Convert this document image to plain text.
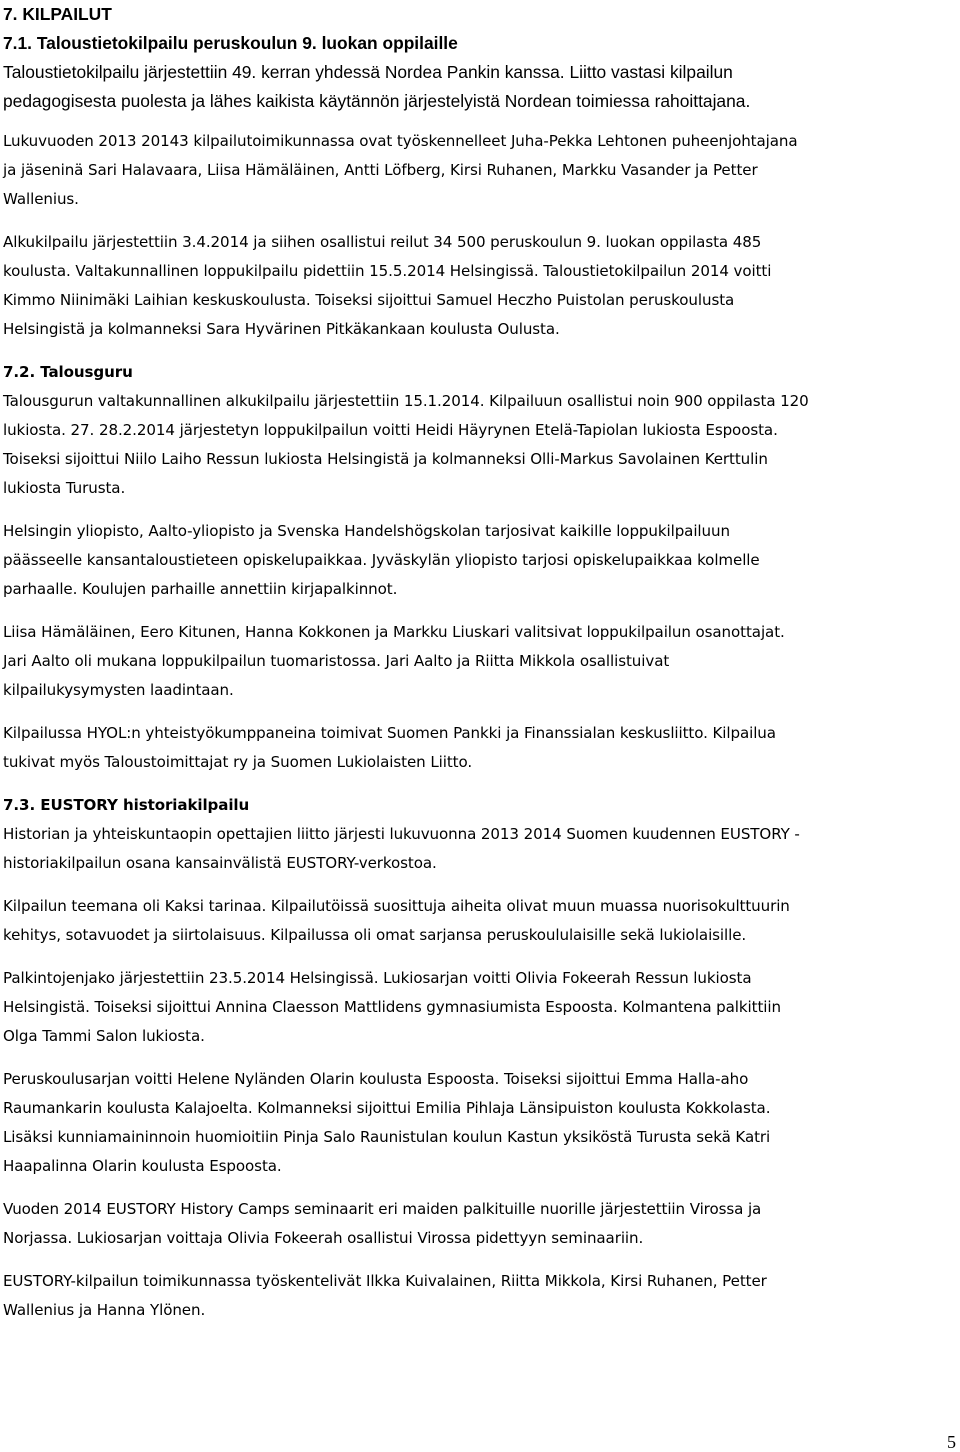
7. KILPAILUT

7.1. Taloustietokilpailu peruskoulun 9. luokan oppilaille

Taloustietokilpailu järjestettiin 49. kerran yhdessä Nordea Pankin kanssa. Liitto vastasi kilpailun

pedagogisesta puolesta ja lähes kaikista käytännön järjestelyistä Nordean toimiessa rahoittajana.

Lukuvuoden 2013 20143 kilpailutoimikunnassa ovat työskennelleet Juha-Pekka Lehtonen puheenjohtajana

ja jäseninä Sari Halavaara, Liisa Hämäläinen, Antti Löfberg, Kirsi Ruhanen, Markku Vasander ja Petter

Wallenius.

Alkukilpailu järjestettiin 3.4.2014 ja siihen osallistui reilut 34 500 peruskoulun 9. luokan oppilasta 485

koulusta. Valtakunnallinen loppukilpailu pidettiin 15.5.2014 Helsingissä. Taloustietokilpailun 2014 voitti

Kimmo Niinimäki Laihian keskuskoulusta. Toiseksi sijoittui Samuel Heczho Puistolan peruskoulusta

Helsingistä ja kolmanneksi Sara Hyvärinen Pitkäkankaan koulusta Oulusta.

7.2. Talousguru

Talousgurun valtakunnallinen alkukilpailu järjestettiin 15.1.2014. Kilpailuun osallistui noin 900 oppilasta 120

lukiosta. 27. 28.2.2014 järjestetyn loppukilpailun voitti Heidi Häyrynen Etelä-Tapiolan lukiosta Espoosta.

Toiseksi sijoittui Niilo Laiho Ressun lukiosta Helsingistä ja kolmanneksi Olli-Markus Savolainen Kerttulin

lukiosta Turusta.

Helsingin yliopisto, Aalto-yliopisto ja Svenska Handelshögskolan tarjosivat kaikille loppukilpailuun

päässeelle kansantaloustieteen opiskelupaikkaa. Jyväskylän yliopisto tarjosi opiskelupaikkaa kolmelle

parhaalle. Koulujen parhaille annettiin kirjapalkinnot.

Liisa Hämäläinen, Eero Kitunen, Hanna Kokkonen ja Markku Liuskari valitsivat loppukilpailun osanottajat.

Jari Aalto oli mukana loppukilpailun tuomaristossa. Jari Aalto ja Riitta Mikkola osallistuivat

kilpailukysymysten laadintaan.

Kilpailussa HYOL:n yhteistyökumppaneina toimivat Suomen Pankki ja Finanssialan keskusliitto. Kilpailua

tukivat myös Taloustoimittajat ry ja Suomen Lukiolaisten Liitto.

7.3. EUSTORY historiakilpailu

Historian ja yhteiskuntaopin opettajien liitto järjesti lukuvuonna 2013 2014 Suomen kuudennen EUSTORY -

historiakilpailun osana kansainvälistä EUSTORY-verkostoa.

Kilpailun teemana oli Kaksi tarinaa. Kilpailutöissä suosittuja aiheita olivat muun muassa nuorisokulttuurin

kehitys, sotavuodet ja siirtolaisuus. Kilpailussa oli omat sarjansa peruskoululaisille sekä lukiolaisille.

Palkintojenjako järjestettiin 23.5.2014 Helsingissä. Lukiosarjan voitti Olivia Fokeerah Ressun lukiosta

Helsingistä. Toiseksi sijoittui Annina Claesson Mattlidens gymnasiumista Espoosta. Kolmantena palkittiin

Olga Tammi Salon lukiosta.

Peruskoulusarjan voitti Helene Nyländen Olarin koulusta Espoosta. Toiseksi sijoittui Emma Halla-aho

Raumankarin koulusta Kalajoelta. Kolmanneksi sijoittui Emilia Pihlaja Länsipuiston koulusta Kokkolasta.

Lisäksi kunniamaininnoin huomioitiin Pinja Salo Raunistulan koulun Kastun yksiköstä Turusta sekä Katri

Haapalinna Olarin koulusta Espoosta.

Vuoden 2014 EUSTORY History Camps seminaarit eri maiden palkituille nuorille järjestettiin Virossa ja

Norjassa. Lukiosarjan voittaja Olivia Fokeerah osallistui Virossa pidettyyn seminaariin.

EUSTORY-kilpailun toimikunnassa työskentelivät Ilkka Kuivalainen, Riitta Mikkola, Kirsi Ruhanen, Petter

Wallenius ja Hanna Ylönen.

5
